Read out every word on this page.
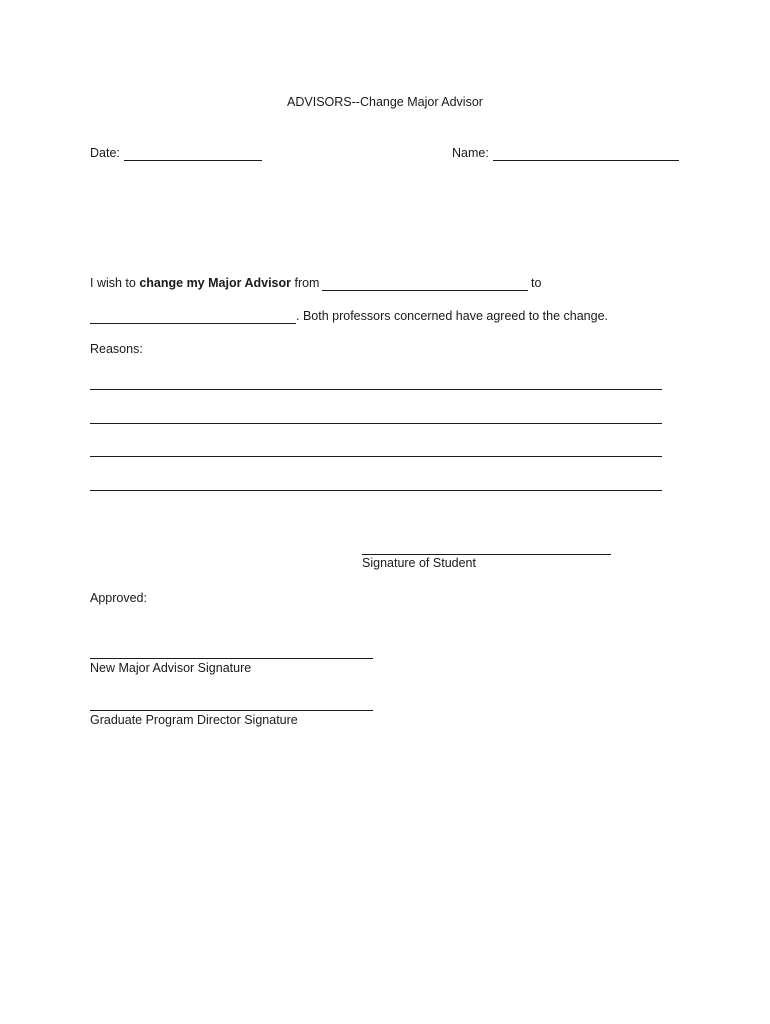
ADVISORS--Change Major Advisor
Date:	Name:
I wish to change my Major Advisor from	to
. Both professors concerned have agreed to the change.
Reasons:
Signature of Student
Approved:
New Major Advisor Signature
Graduate Program Director Signature
